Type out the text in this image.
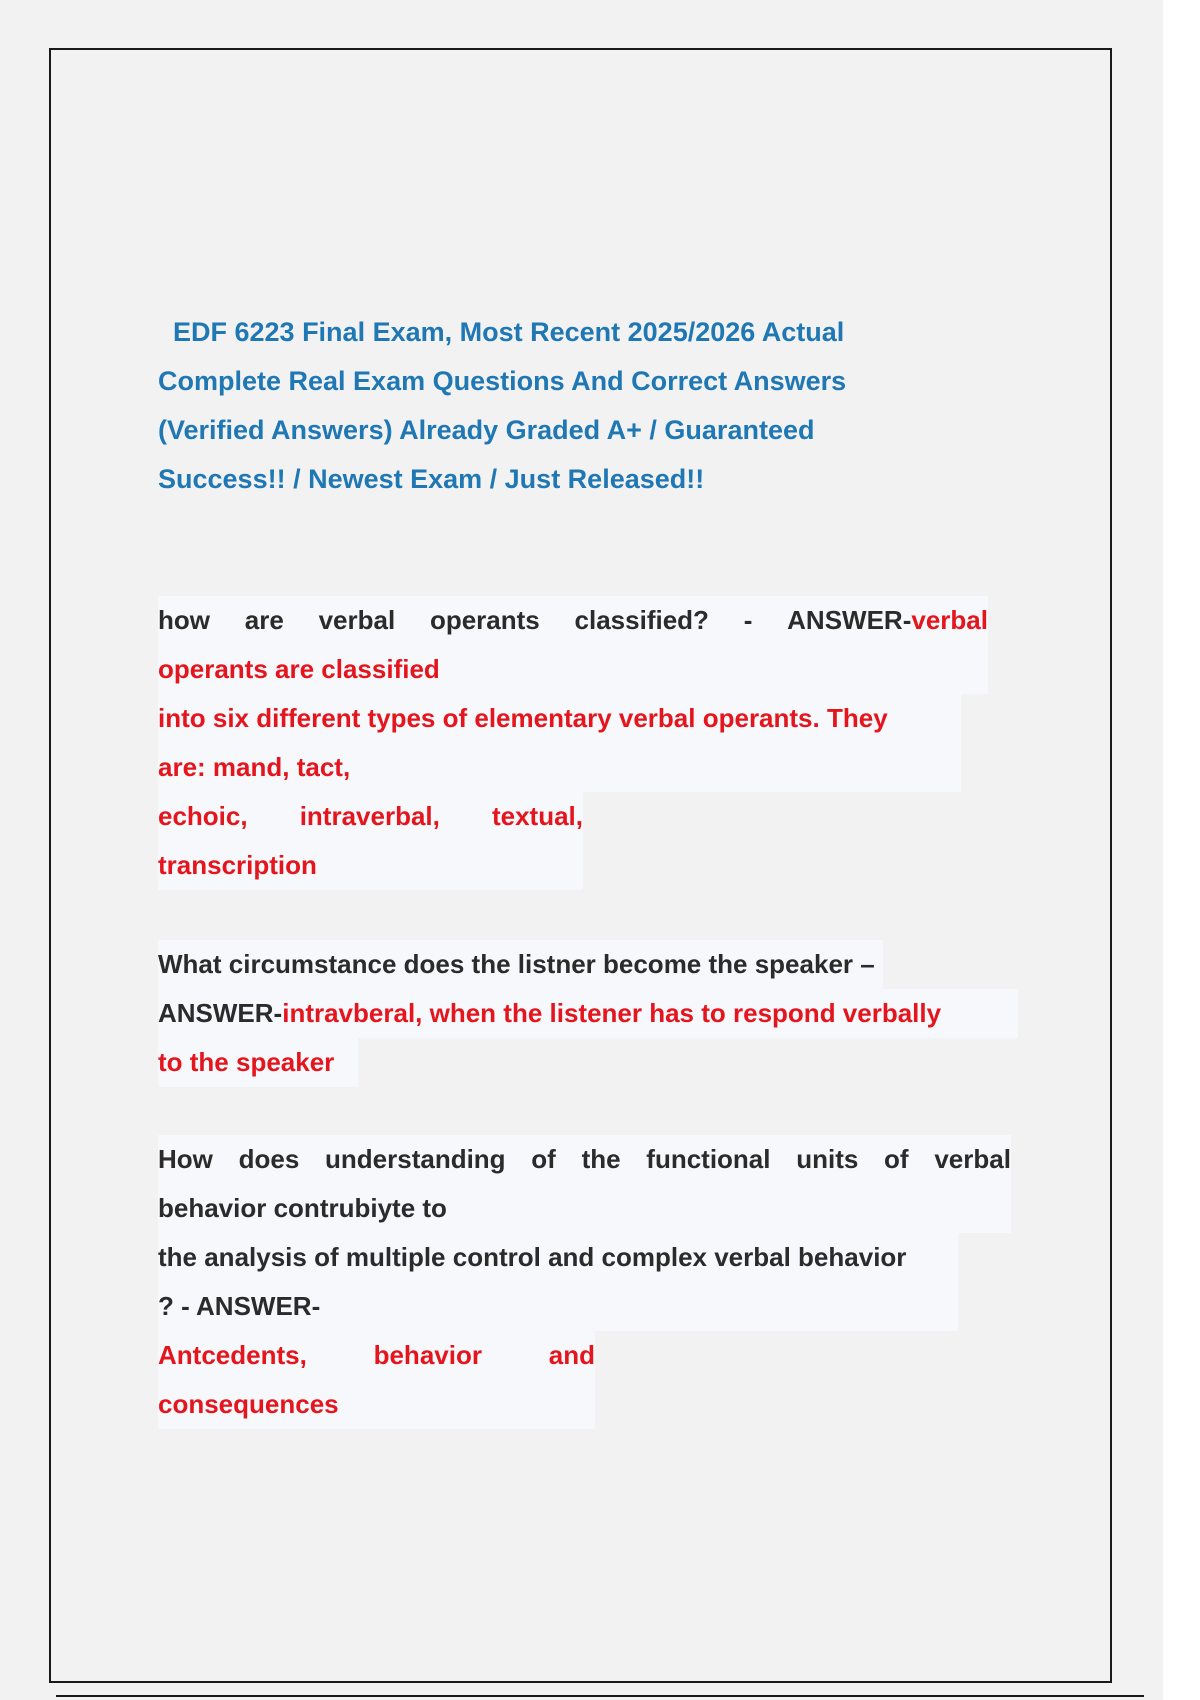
EDF 6223 Final Exam, Most Recent 2025/2026 Actual
Complete Real Exam Questions And Correct Answers
(Verified Answers) Already Graded A+ / Guaranteed
Success!! / Newest Exam / Just Released!!
how are verbal operants classified? - ANSWER-verbal
operants are classified
into six different types of elementary verbal operants. They
are: mand, tact,
echoic, intraverbal, textual,
transcription
What circumstance does the listner become the speaker –
ANSWER-intravberal, when the listener has to respond verbally
to the speaker
How does understanding of the functional units of verbal
behavior contrubiyte to
the analysis of multiple control and complex verbal behavior
? - ANSWER-
Antcedents,	behavior	and
consequences
